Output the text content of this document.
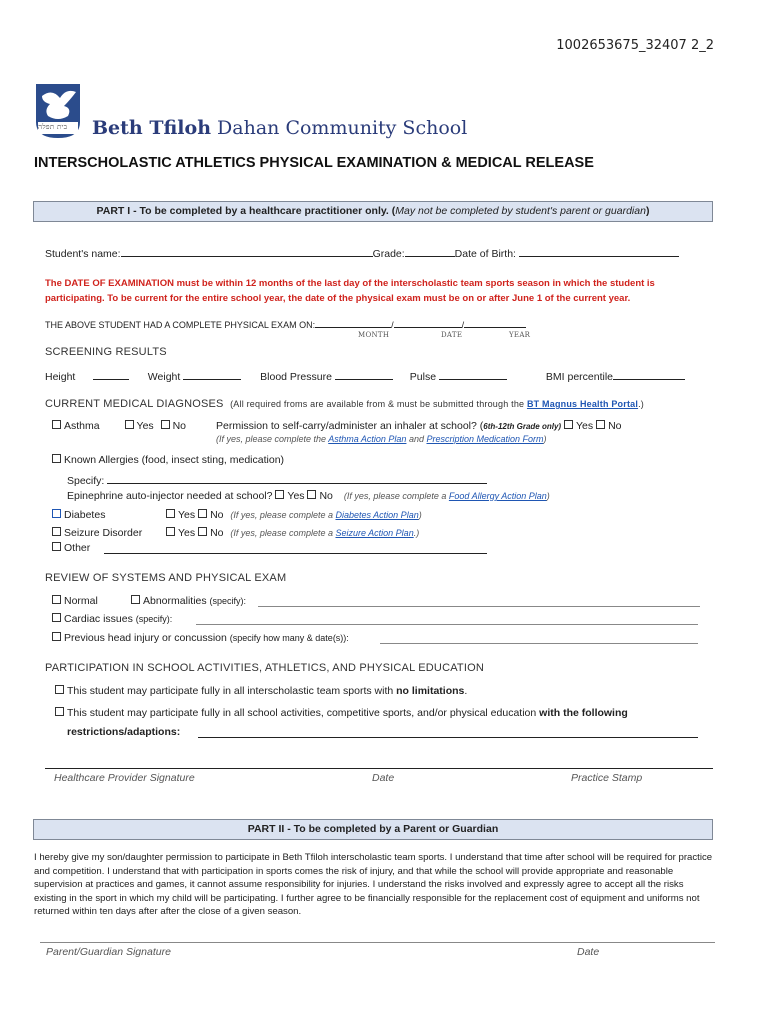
1002653675_32407 2_2
בית תפלה Beth Tfiloh Dahan Community School
INTERSCHOLASTIC ATHLETICS PHYSICAL EXAMINATION & MEDICAL RELEASE
PART I - To be completed by a healthcare practitioner only. (May not be completed by student's parent or guardian)
Student's name:	Grade:	Date of Birth:
The DATE OF EXAMINATION must be within 12 months of the last day of the interscholastic team sports season in which the student is
participating. To be current for the entire school year, the date of the physical exam must be on or after June 1 of the current year.
THE ABOVE STUDENT HAD A COMPLETE PHYSICAL EXAM ON:	/	/
MONTH	DATE	YEAR
SCREENING RESULTS
Height	Weight	Blood Pressure	Pulse	BMI percentile
CURRENT MEDICAL DIAGNOSES (All required froms are available from & must be submitted through the BT Magnus Health Portal.)
Asthma	Yes No	Permission to self-carry/administer an inhaler at school? (6th-12th Grade only) Yes No
(If yes, please complete the Asthma Action Plan and Prescription Medication Form)
Known Allergies (food, insect sting, medication)
Specify:
Epinephrine auto-injector needed at school? Yes No (If yes, please complete a Food Allergy Action Plan)
Diabetes	Yes No (If yes, please complete a Diabetes Action Plan)
Seizure Disorder	Yes No (If yes, please complete a Seizure Action Plan.)
Other
REVIEW OF SYSTEMS AND PHYSICAL EXAM
Normal	Abnormalities (specify):
Cardiac issues (specify):
Previous head injury or concussion (specify how many & date(s)):
PARTICIPATION IN SCHOOL ACTIVITIES, ATHLETICS, AND PHYSICAL EDUCATION
This student may participate fully in all interscholastic team sports with no limitations.
This student may participate fully in all school activities, competitive sports, and/or physical education with the following
restrictions/adaptions:
Healthcare Provider Signature	Date	Practice Stamp
PART II - To be completed by a Parent or Guardian
I hereby give my son/daughter permission to participate in Beth Tfiloh interscholastic team sports. I understand that time after school will be required for practice and competition. I understand that with participation in sports comes the risk of injury, and that while the school will provide appropriate and reasonable supervision at practices and games, it cannot assume responsibility for injuries. I understand the risks involved and expressly agree to accept all the risks existing in the sport in which my child will be participating. I further agree to be financially responsible for the replacement cost of equipment and uniforms not returned within ten days after after the close of a given season.
Parent/Guardian Signature	Date
